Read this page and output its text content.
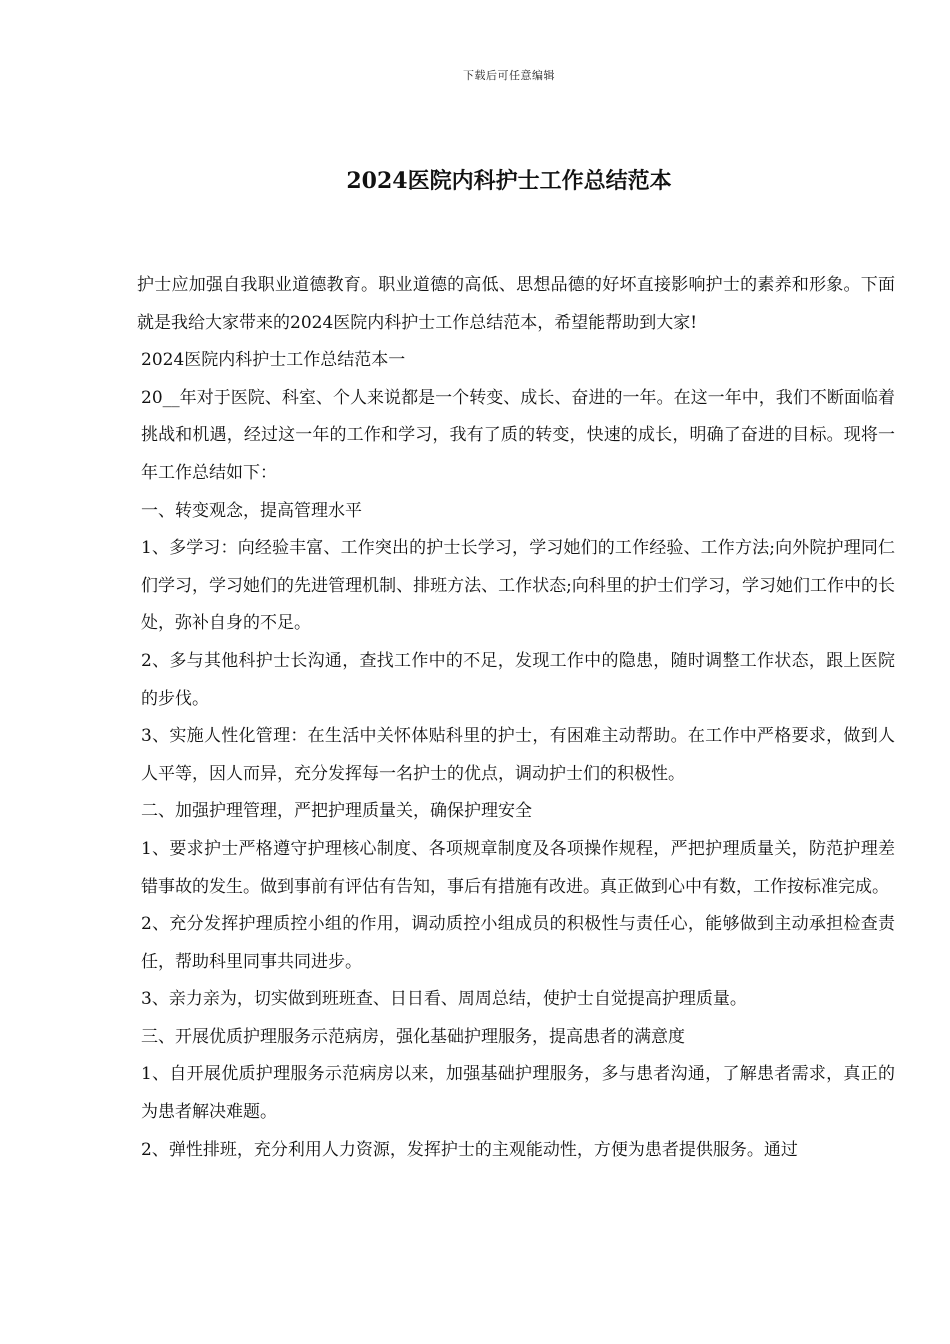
下载后可任意编辑
2024医院内科护士工作总结范本

护士应加强自我职业道德教育。职业道德的高低、思想品德的好坏直接影响护士的素养和形象。下面就是我给大家带来的2024医院内科护士工作总结范本，希望能帮助到大家!

2024医院内科护士工作总结范本一

20__年对于医院、科室、个人来说都是一个转变、成长、奋进的一年。在这一年中，我们不断面临着挑战和机遇，经过这一年的工作和学习，我有了质的转变，快速的成长，明确了奋进的目标。现将一年工作总结如下：

一、转变观念，提高管理水平

1、多学习：向经验丰富、工作突出的护士长学习，学习她们的工作经验、工作方法;向外院护理同仁们学习，学习她们的先进管理机制、排班方法、工作状态;向科里的护士们学习，学习她们工作中的长处，弥补自身的不足。

2、多与其他科护士长沟通，查找工作中的不足，发现工作中的隐患，随时调整工作状态，跟上医院的步伐。

3、实施人性化管理：在生活中关怀体贴科里的护士，有困难主动帮助。在工作中严格要求，做到人人平等，因人而异，充分发挥每一名护士的优点，调动护士们的积极性。

二、加强护理管理，严把护理质量关，确保护理安全

1、要求护士严格遵守护理核心制度、各项规章制度及各项操作规程，严把护理质量关，防范护理差错事故的发生。做到事前有评估有告知，事后有措施有改进。真正做到心中有数，工作按标准完成。

2、充分发挥护理质控小组的作用，调动质控小组成员的积极性与责任心，能够做到主动承担检查责任，帮助科里同事共同进步。

3、亲力亲为，切实做到班班查、日日看、周周总结，使护士自觉提高护理质量。

三、开展优质护理服务示范病房，强化基础护理服务，提高患者的满意度

1、自开展优质护理服务示范病房以来，加强基础护理服务，多与患者沟通，了解患者需求，真正的为患者解决难题。

2、弹性排班，充分利用人力资源，发挥护士的主观能动性，方便为患者提供服务。通过
